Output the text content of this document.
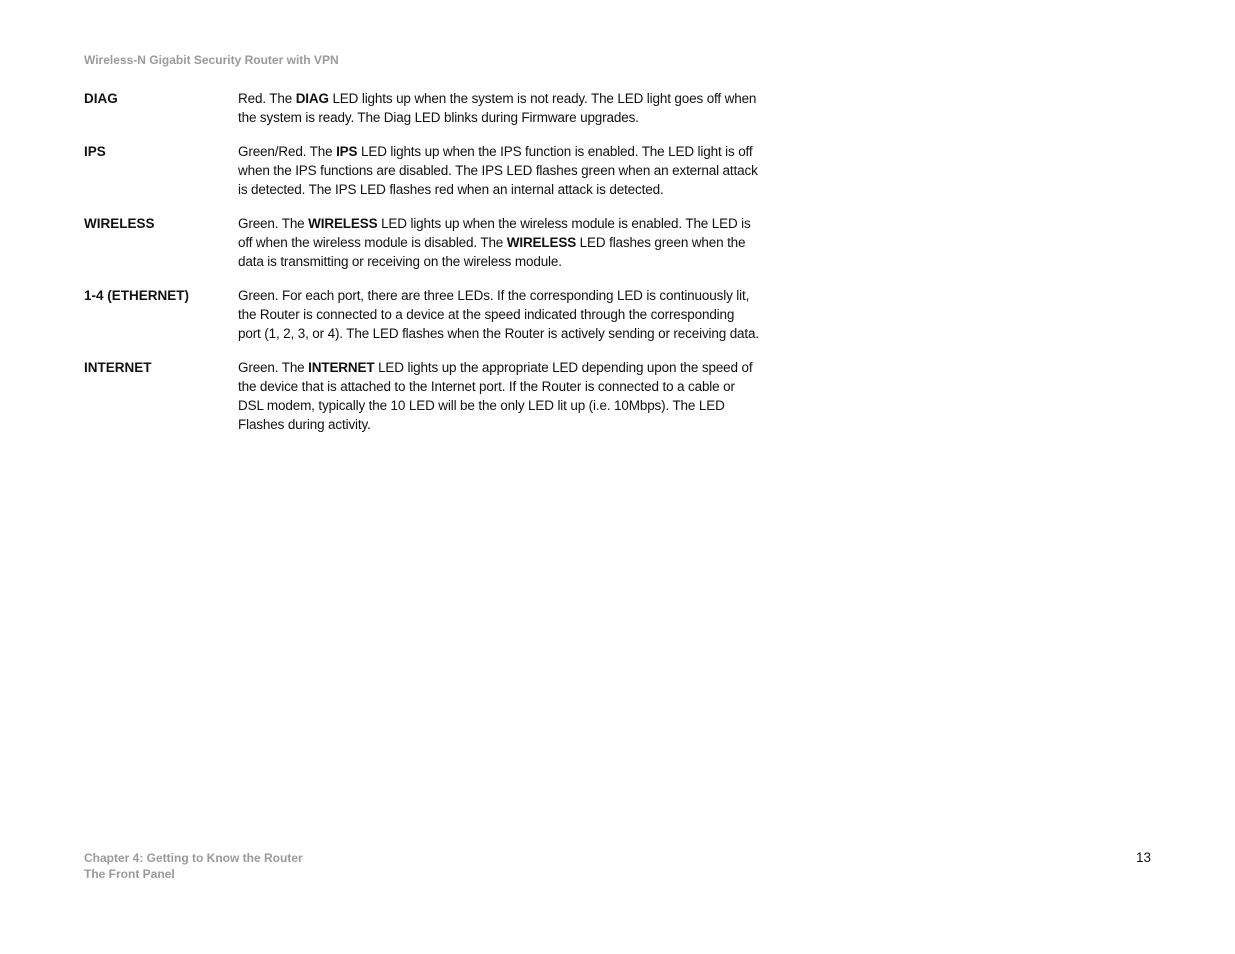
Wireless-N Gigabit Security Router with VPN
DIAG	Red. The DIAG LED lights up when the system is not ready. The LED light goes off when the system is ready. The Diag LED blinks during Firmware upgrades.
IPS	Green/Red. The IPS LED lights up when the IPS function is enabled. The LED light is off when the IPS functions are disabled. The IPS LED flashes green when an external attack is detected. The IPS LED flashes red when an internal attack is detected.
WIRELESS	Green. The WIRELESS LED lights up when the wireless module is enabled. The LED is off when the wireless module is disabled. The WIRELESS LED flashes green when the data is transmitting or receiving on the wireless module.
1-4 (ETHERNET)	Green. For each port, there are three LEDs. If the corresponding LED is continuously lit, the Router is connected to a device at the speed indicated through the corresponding port (1, 2, 3, or 4). The LED flashes when the Router is actively sending or receiving data.
INTERNET	Green. The INTERNET LED lights up the appropriate LED depending upon the speed of the device that is attached to the Internet port. If the Router is connected to a cable or DSL modem, typically the 10 LED will be the only LED lit up (i.e. 10Mbps). The LED Flashes during activity.
Chapter 4: Getting to Know the Router
The Front Panel
13
